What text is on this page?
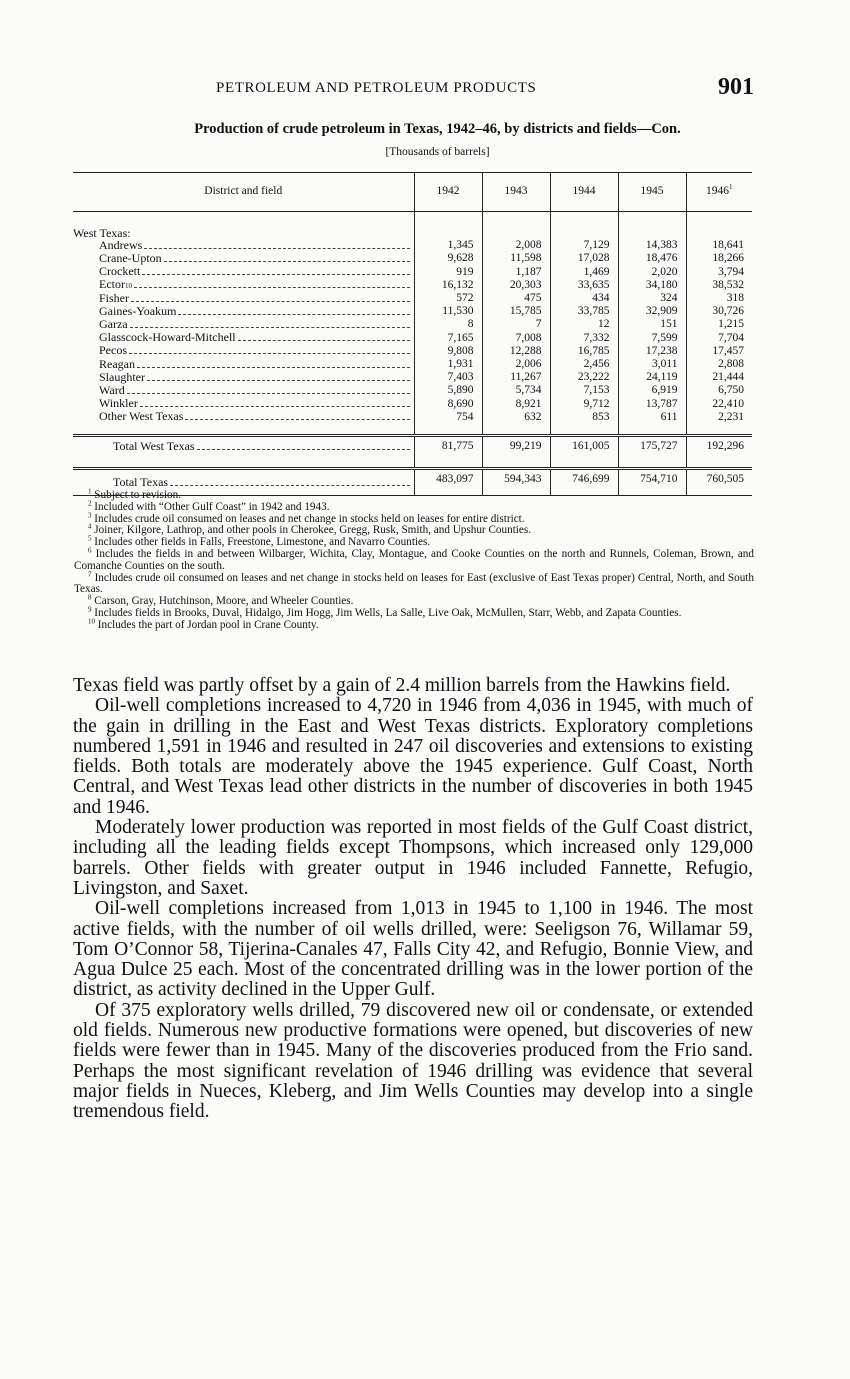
PETROLEUM AND PETROLEUM PRODUCTS	901
Production of crude petroleum in Texas, 1942–46, by districts and fields—Con.
[Thousands of barrels]
District and field	1942	1943	1944	1945	1946$^1$

West Texas:					

Andrews	1,345	2,008	7,129	14,383	18,641

Crane-Upton	9,628	11,598	17,028	18,476	18,266

Crockett	919	1,187	1,469	2,020	3,794

Ector 10	16,132	20,303	33,635	34,180	38,532

Fisher	572	475	434	324	318

Gaines-Yoakum	11,530	15,785	33,785	32,909	30,726

Garza	8	7	12	151	1,215

Glasscock-Howard-Mitchell	7,165	7,008	7,332	7,599	7,704

Pecos	9,808	12,288	16,785	17,238	17,457

Reagan	1,931	2,006	2,456	3,011	2,808

Slaughter	7,403	11,267	23,222	24,119	21,444

Ward	5,890	5,734	7,153	6,919	6,750

Winkler	8,690	8,921	9,712	13,787	22,410

Other West Texas	754	632	853	611	2,231

Total West Texas	81,775	99,219	161,005	175,727	192,296

Total Texas	483,097	594,343	746,699	754,710	760,505

$^1$ Subject to revision.

$^2$ Included with “Other Gulf Coast” in 1942 and 1943.

$^3$ Includes crude oil consumed on leases and net change in stocks held on leases for entire district.

$^4$ Joiner, Kilgore, Lathrop, and other pools in Cherokee, Gregg, Rusk, Smith, and Upshur Counties.

$^5$ Includes other fields in Falls, Freestone, Limestone, and Navarro Counties.

$^6$ Includes the fields in and between Wilbarger, Wichita, Clay, Montague, and Cooke Counties on the north and Runnels, Coleman, Brown, and Comanche Counties on the south.

$^7$ Includes crude oil consumed on leases and net change in stocks held on leases for East (exclusive of East Texas proper) Central, North, and South Texas.

$^8$ Carson, Gray, Hutchinson, Moore, and Wheeler Counties.

$^9$ Includes fields in Brooks, Duval, Hidalgo, Jim Hogg, Jim Wells, La Salle, Live Oak, McMullen, Starr, Webb, and Zapata Counties.

$^{10}$ Includes the part of Jordan pool in Crane County.

Texas field was partly offset by a gain of 2.4 million barrels from the Hawkins field.

Oil-well completions increased to 4,720 in 1946 from 4,036 in 1945, with much of the gain in drilling in the East and West Texas districts. Exploratory completions numbered 1,591 in 1946 and resulted in 247 oil discoveries and extensions to existing fields. Both totals are moderately above the 1945 experience. Gulf Coast, North Central, and West Texas lead other districts in the number of discoveries in both 1945 and 1946.

Moderately lower production was reported in most fields of the Gulf Coast district, including all the leading fields except Thompsons, which increased only 129,000 barrels. Other fields with greater output in 1946 included Fannette, Refugio, Livingston, and Saxet.

Oil-well completions increased from 1,013 in 1945 to 1,100 in 1946. The most active fields, with the number of oil wells drilled, were: Seeligson 76, Willamar 59, Tom O’Connor 58, Tijerina-Canales 47, Falls City 42, and Refugio, Bonnie View, and Agua Dulce 25 each. Most of the concentrated drilling was in the lower portion of the district, as activity declined in the Upper Gulf.

Of 375 exploratory wells drilled, 79 discovered new oil or condensate, or extended old fields. Numerous new productive formations were opened, but discoveries of new fields were fewer than in 1945. Many of the discoveries produced from the Frio sand. Perhaps the most significant revelation of 1946 drilling was evidence that several major fields in Nueces, Kleberg, and Jim Wells Counties may develop into a single tremendous field.
